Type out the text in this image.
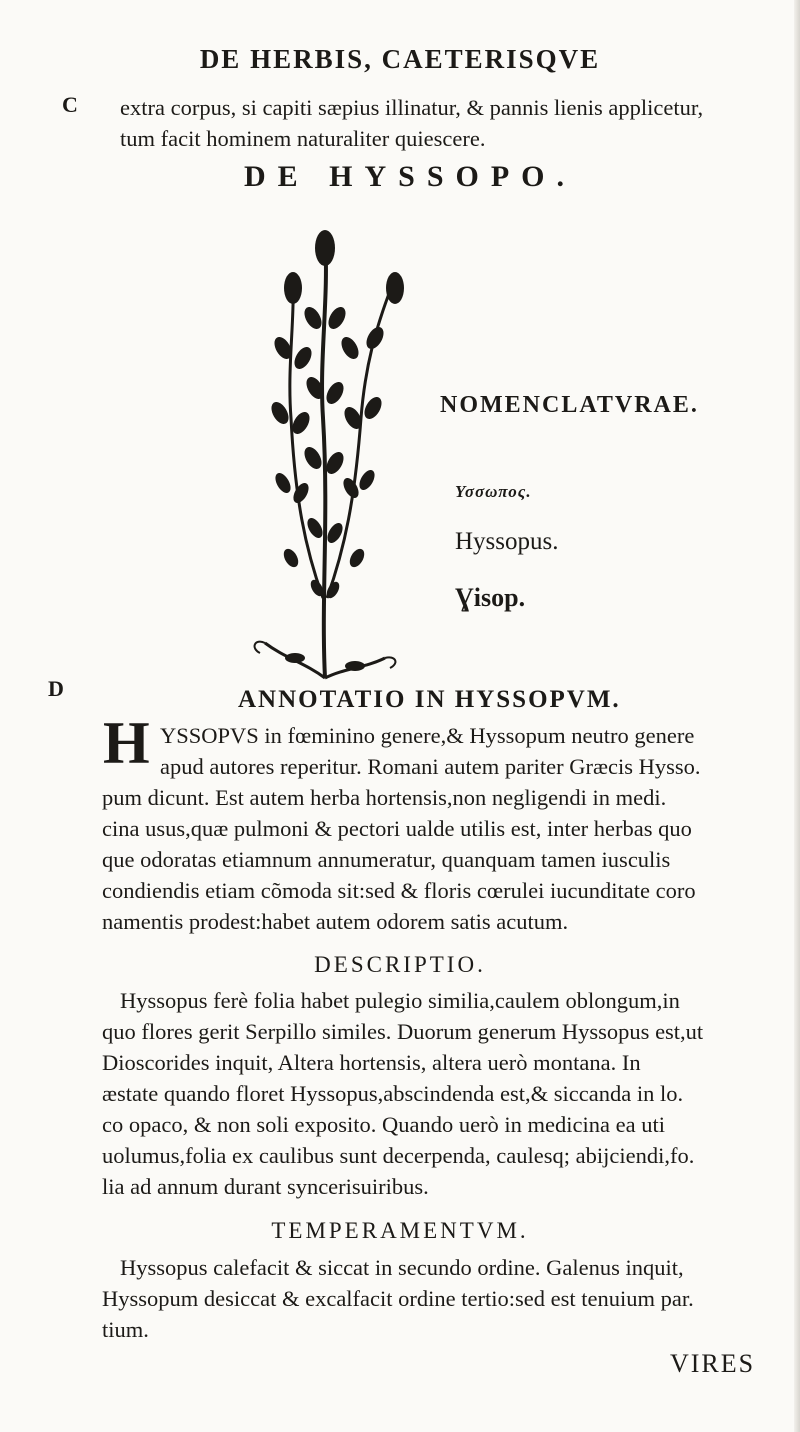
DE HERBIS, CAETERISQVE
C extra corpus, si capiti sæpius illinatur, & pannis lienis applicetur,
tum facit hominem naturaliter quiescere.
DE HYSSOPO.
NOMENCLATVRAE.
Υσσωπος.
Hyssopus.
Ɣisop.
D	ANNOTATIO IN HYSSOPVM.
H YSSOPVS in fœminino genere,& Hyssopum neutro genere
apud autores reperitur. Romani autem pariter Græcis Hysso.
pum dicunt. Est autem herba hortensis,non negligendi in medi.
cina usus,quæ pulmoni & pectori ualde utilis est, inter herbas quo
que odoratas etiamnum annumeratur, quanquam tamen iusculis
condiendis etiam cõmoda sit:sed & floris cœrulei iucunditate coro
namentis prodest:habet autem odorem satis acutum.
DESCRIPTIO.
Hyssopus ferè folia habet pulegio similia,caulem oblongum,in
quo flores gerit Serpillo similes. Duorum generum Hyssopus est,ut
Dioscorides inquit, Altera hortensis, altera uerò montana. In
æstate quando floret Hyssopus,abscindenda est,& siccanda in lo.
co opaco, & non soli exposito. Quando uerò in medicina ea uti
uolumus,folia ex caulibus sunt decerpenda, caulesq; abijciendi,fo.
lia ad annum durant syncerisuiribus.
TEMPERAMENTVM.
Hyssopus calefacit & siccat in secundo ordine. Galenus inquit,
Hyssopum desiccat & excalfacit ordine tertio:sed est tenuium par.
tium.
VIRES
